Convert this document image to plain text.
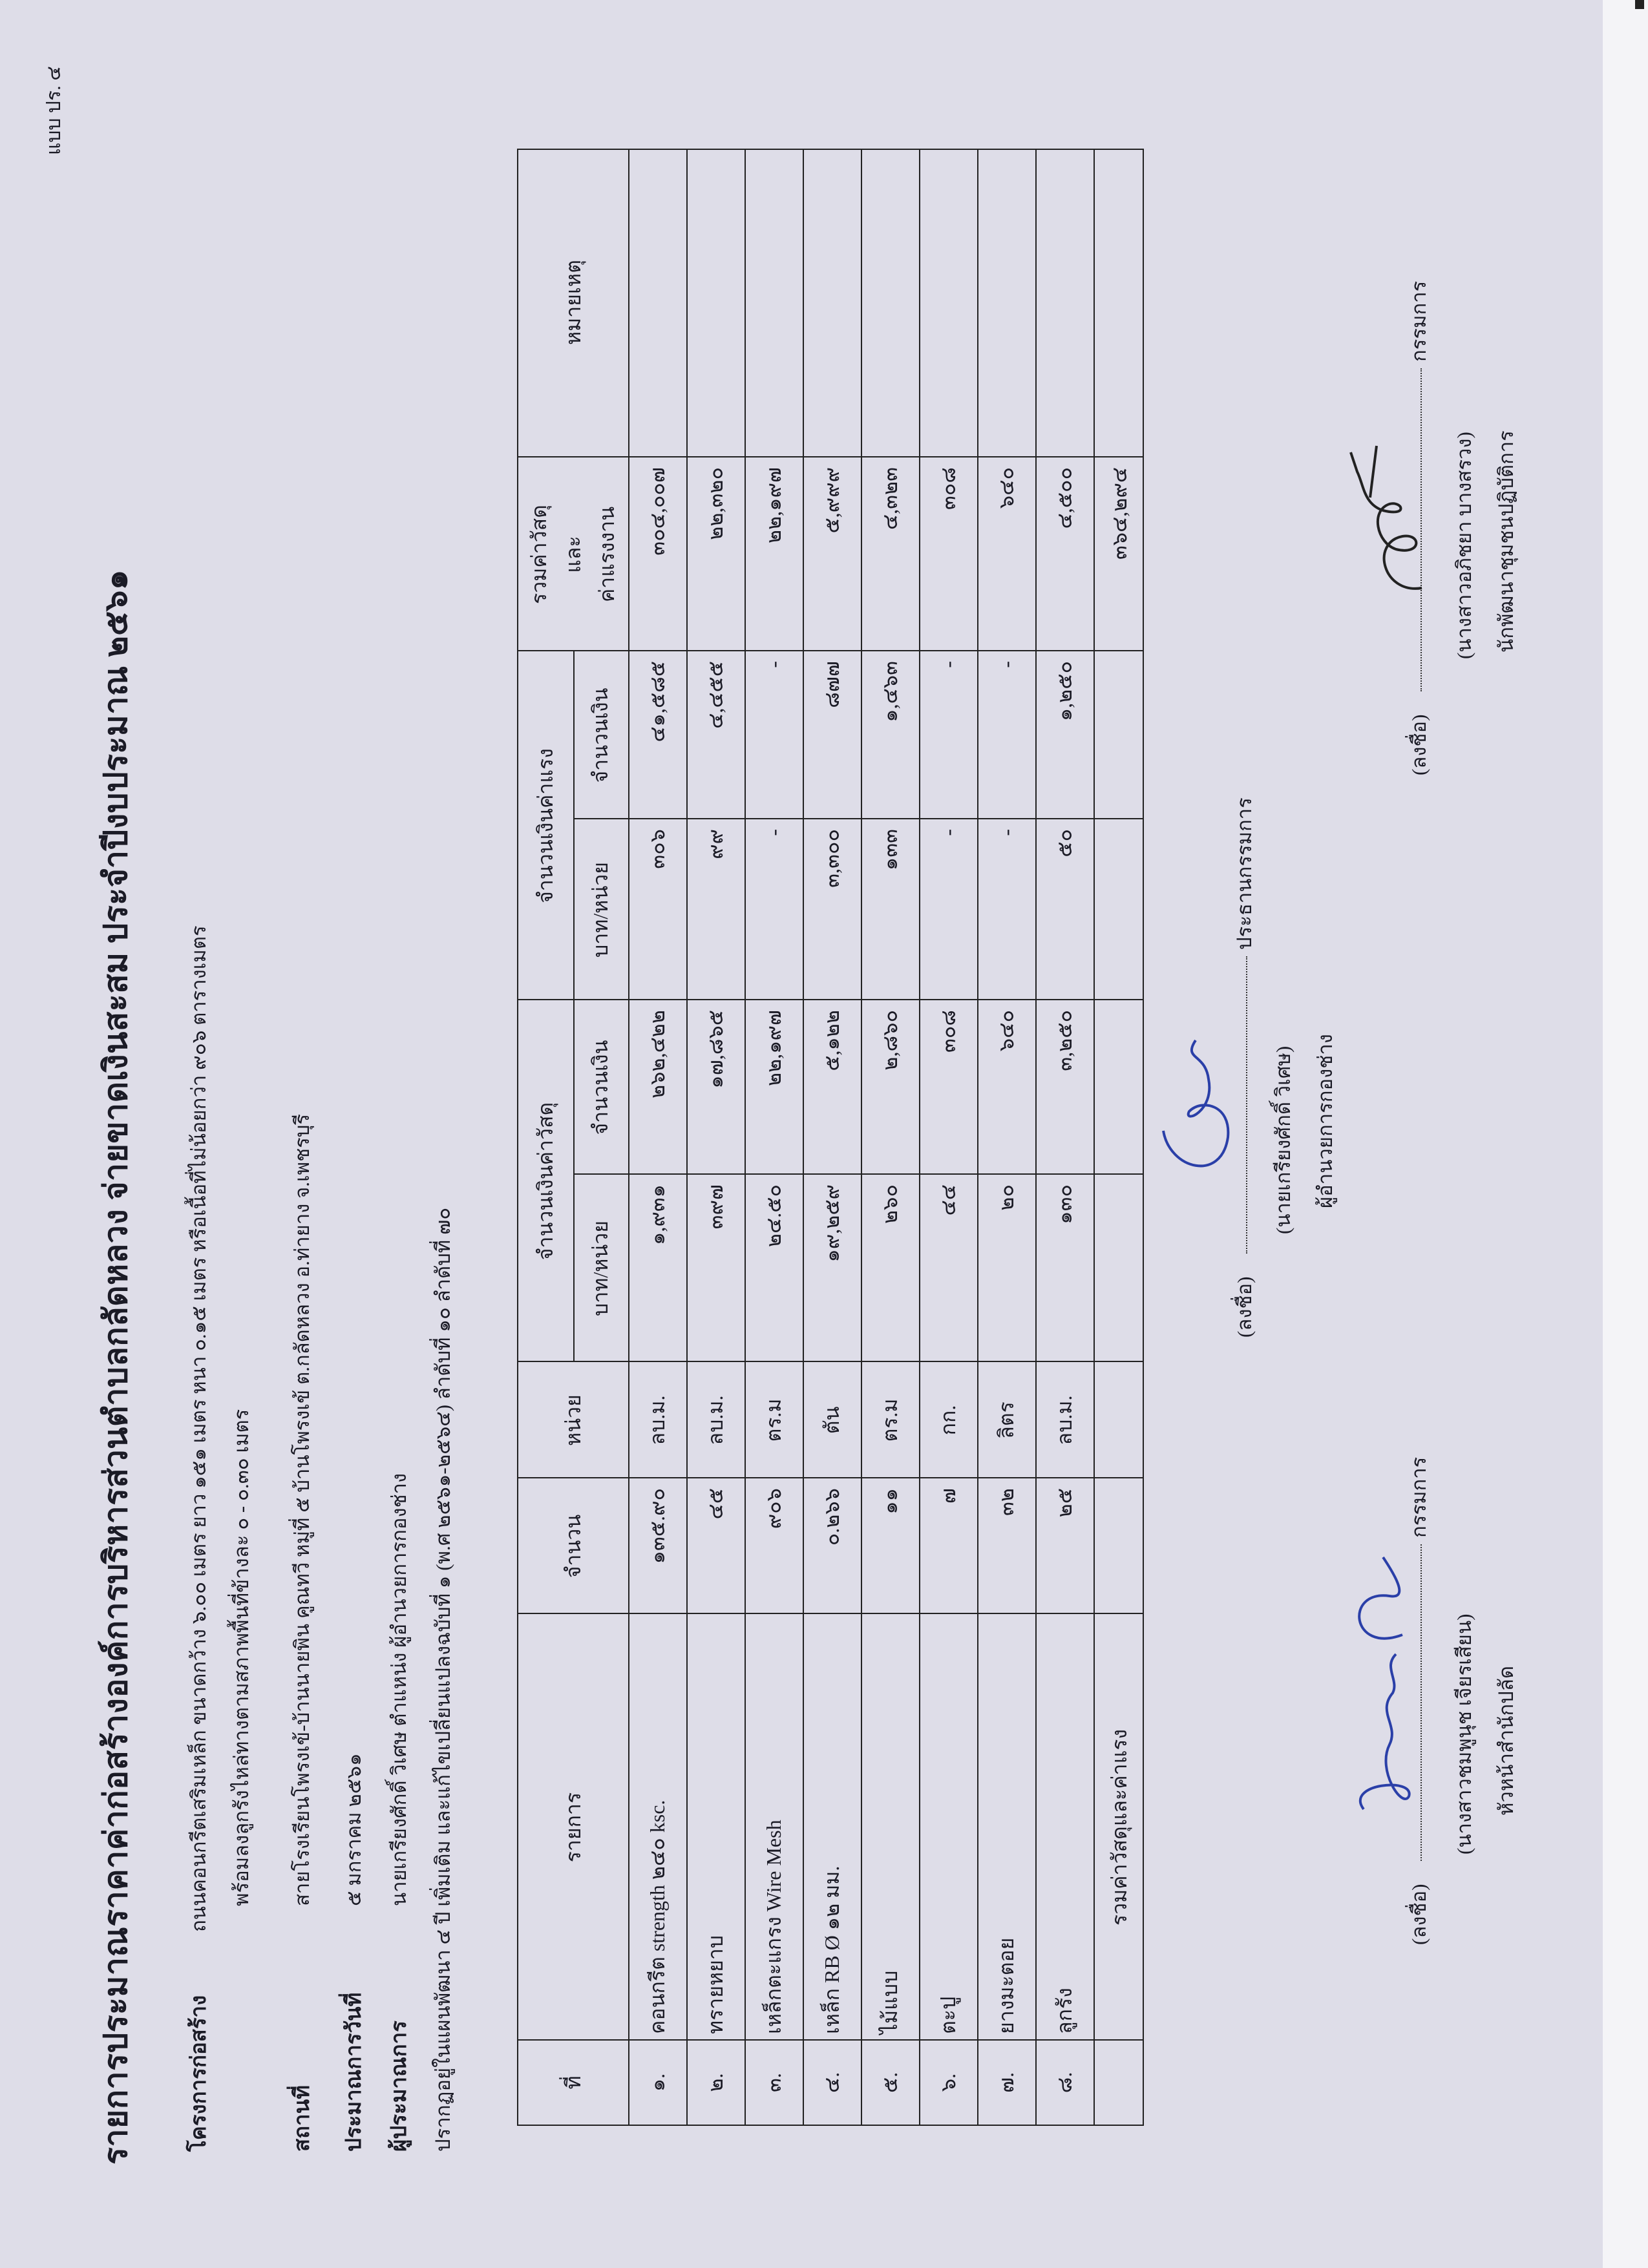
แบบ ปร. ๔
รายการประมาณราคาค่าก่อสร้างองค์การบริหารส่วนตำบลกลัดหลวง จ่ายขาดเงินสะสม ประจำปีงบประมาณ ๒๕๖๑	โครงการก่อสร้าง
ถนนคอนกรีตเสริมเหล็ก ขนาดกว้าง ๖.๐๐ เมตร ยาว ๑๕๑ เมตร หนา ๐.๑๕ เมตร หรือเนื้อที่ไม่น้อยกว่า ๙๐๖ ตารางเมตร พร้อมลงลูกรังไหล่ทางตามสภาพพื้นที่ข้างละ ๐ - ๐.๓๐ เมตร
สถานที่
สายโรงเรียนโพรงเข้-บ้านนายพิน คูณทวี หมู่ที่ ๕ บ้านโพรงเข้ ต.กลัดหลวง อ.ท่ายาง จ.เพชรบุรี
ประมาณการวันที่
๕ มกราคม ๒๕๖๑
ผู้ประมาณการ
นายเกรียงศักดิ์ วิเศษ ตำแหน่ง ผู้อำนวยการกองช่าง ปรากฏอยู่ในแผนพัฒนา ๔ ปี เพิ่มเติม และแก้ไขเปลี่ยนแปลงฉบับที่ ๑ (พ.ศ ๒๕๖๑-๒๕๖๔) ลำดับที่ ๑๐ ลำดับที่ ๗๐	ที่
รายการ
จำนวน
หน่วย
จำนวนเงินค่าวัสดุ
จำนวนเงินค่าแรง
บาท/หน่วย
จำนวนเงิน
บาท/หน่วย
จำนวนเงิน
รวมค่าวัสดุ และ ค่าแรงงาน
หมายเหตุ
๑.
คอนกรีต strength ๒๔๐ ksc.
๑๓๕.๙๐
ลบ.ม.
๑,๙๓๑
๒๖๒,๔๒๒
๓๐๖
๔๑,๕๘๕
๓๐๔,๐๐๗
๒.
ทรายหยาบ
๔๕
ลบ.ม.
๓๙๗
๑๗,๘๖๕
๙๙
๔,๔๕๕
๒๒,๓๒๐
๓.
เหล็กตะแกรง Wire Mesh
๙๐๖
ตร.ม
๒๔.๕๐
๒๒,๑๙๗
-
-
๒๒,๑๙๗
๔.
เหล็ก RB Ø ๑๒ มม.
๐.๒๖๖
ตัน
๑๙,๒๕๙
๕,๑๒๒
๓,๓๐๐
๘๗๗
๕,๙๙๙
๕.
ไม้แบบ
๑๑
ตร.ม
๒๖๐
๒,๘๖๐
๑๓๓
๑,๔๖๓
๔,๓๒๓
๖.
ตะปู
๗
กก.
๔๔
๓๐๘
-
-
๓๐๘
๗.
ยางมะตอย
๓๒
ลิตร
๒๐
๖๔๐
-
-
๖๔๐
๘.
ลูกรัง
๒๕
ลบ.ม.
๑๓๐
๓,๒๕๐
๕๐
๑,๒๕๐
๔,๕๐๐
รวมค่าวัสดุและค่าแรง
๓๖๔,๒๙๔
(ลงชื่อ)
ประธานกรรมการ
(นายเกรียงศักดิ์ วิเศษ) ผู้อำนวยการกองช่าง
(ลงชื่อ)
กรรมการ
(นางสาวชมพูนุช เจียรเสียน) หัวหน้าสำนักปลัด
(ลงชื่อ)
กรรมการ
(นางสาวอภิชยา บางสรวง) นักพัฒนาชุมชนปฏิบัติการ
